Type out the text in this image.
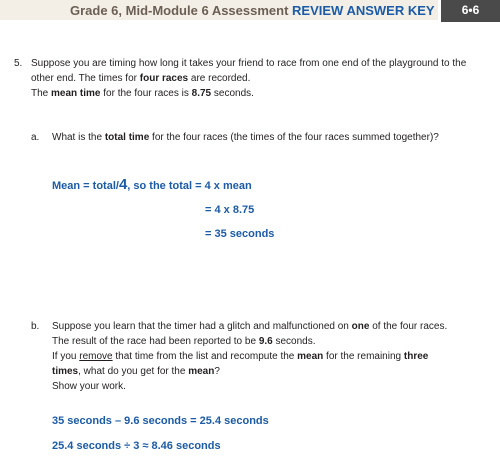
Grade 6, Mid-Module 6 Assessment REVIEW ANSWER KEY	6•6
5. Suppose you are timing how long it takes your friend to race from one end of the playground to the other end. The times for four races are recorded.
The mean time for the four races is 8.75 seconds.
a. What is the total time for the four races (the times of the four races summed together)?
Mean = total/4, so the total = 4 x mean
= 4 x 8.75
= 35 seconds
b. Suppose you learn that the timer had a glitch and malfunctioned on one of the four races.
The result of the race had been reported to be 9.6 seconds.
If you remove that time from the list and recompute the mean for the remaining three
times, what do you get for the mean?
Show your work.
35 seconds – 9.6 seconds = 25.4 seconds
25.4 seconds ÷ 3 ≈ 8.46 seconds
